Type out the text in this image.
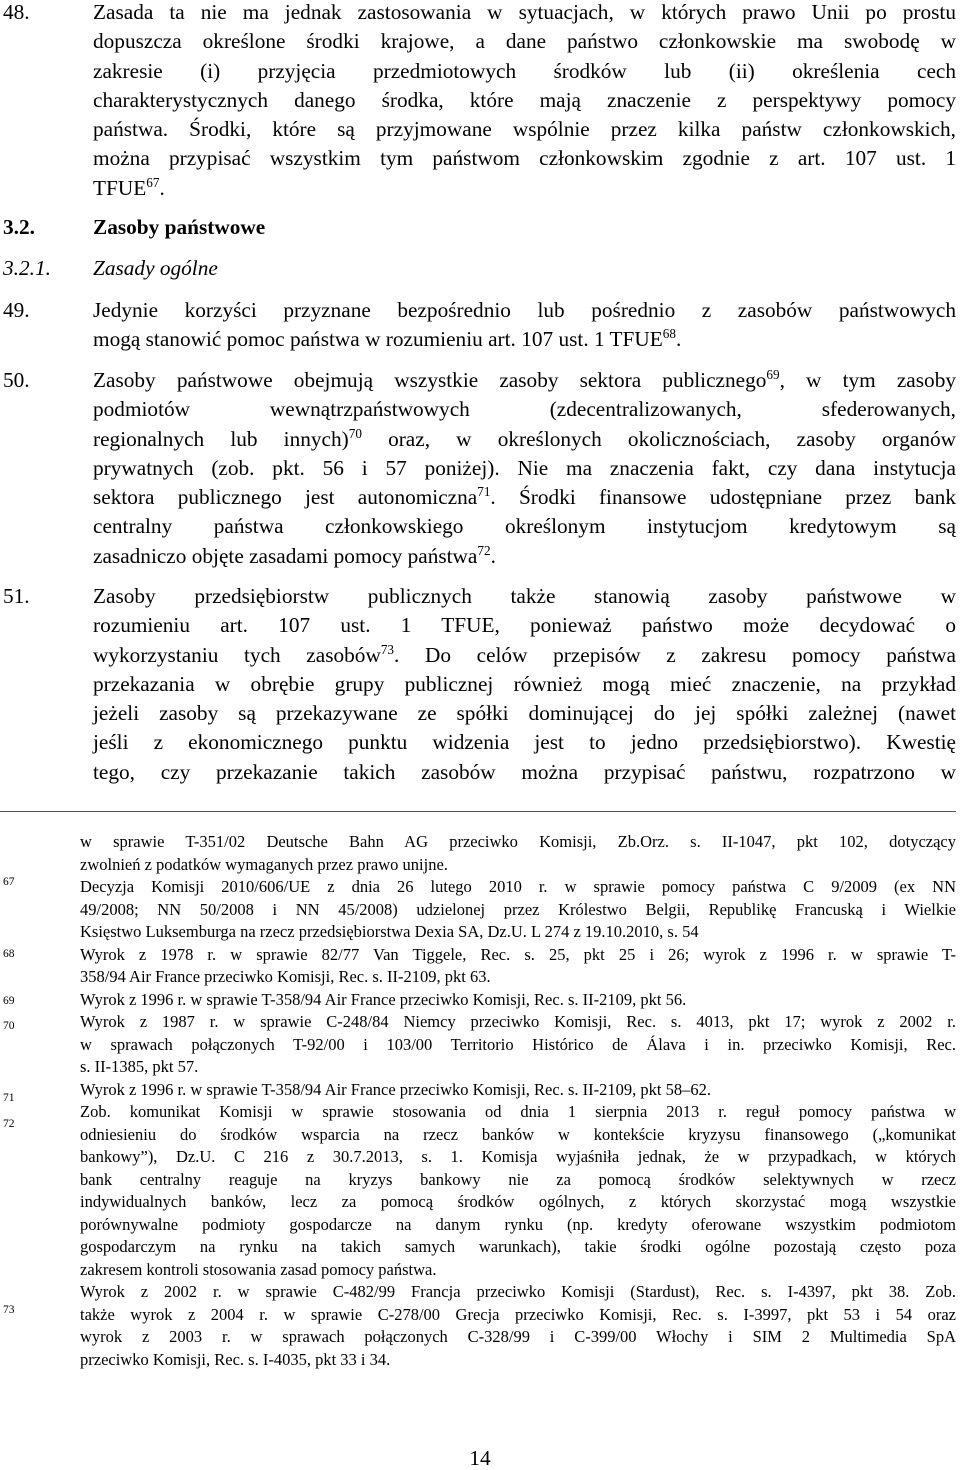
48.	Zasada ta nie ma jednak zastosowania w sytuacjach, w których prawo Unii po prostu
dopuszcza określone środki krajowe, a dane państwo członkowskie ma swobodę w
zakresie (i) przyjęcia przedmiotowych środków lub (ii) określenia cech
charakterystycznych danego środka, które mają znaczenie z perspektywy pomocy
państwa. Środki, które są przyjmowane wspólnie przez kilka państw członkowskich,
można przypisać wszystkim tym państwom członkowskim zgodnie z art. 107 ust. 1
TFUE$^{67}$.
3.2.	Zasoby państwowe
3.2.1. Zasady ogólne
49.	Jedynie korzyści przyznane bezpośrednio lub pośrednio z zasobów państwowych
mogą stanowić pomoc państwa w rozumieniu art. 107 ust. 1 TFUE$^{68}$.
50.	Zasoby państwowe obejmują wszystkie zasoby sektora publicznego$^{69}$, w tym zasoby
podmiotów wewnątrzpaństwowych (zdecentralizowanych, sfederowanych,
regionalnych lub innych)$^{70}$ oraz, w określonych okolicznościach, zasoby organów
prywatnych (zob. pkt. 56 i 57 poniżej). Nie ma znaczenia fakt, czy dana instytucja
sektora publicznego jest autonomiczna$^{71}$. Środki finansowe udostępniane przez bank
centralny państwa członkowskiego określonym instytucjom kredytowym są
zasadniczo objęte zasadami pomocy państwa$^{72}$.
51.	Zasoby przedsiębiorstw publicznych także stanowią zasoby państwowe w
rozumieniu art. 107 ust. 1 TFUE, ponieważ państwo może decydować o
wykorzystaniu tych zasobów$^{73}$. Do celów przepisów z zakresu pomocy państwa
przekazania w obrębie grupy publicznej również mogą mieć znaczenie, na przykład
jeżeli zasoby są przekazywane ze spółki dominującej do jej spółki zależnej (nawet
jeśli z ekonomicznego punktu widzenia jest to jedno przedsiębiorstwo). Kwestię
tego, czy przekazanie takich zasobów można przypisać państwu, rozpatrzono w
67
68
69
70
71
72
73
w sprawie T-351/02 Deutsche Bahn AG przeciwko Komisji, Zb.Orz. s. II-1047, pkt 102, dotyczący
zwolnień z podatków wymaganych przez prawo unijne.
Decyzja Komisji 2010/606/UE z dnia 26 lutego 2010 r. w sprawie pomocy państwa C 9/2009 (ex NN
49/2008; NN 50/2008 i NN 45/2008) udzielonej przez Królestwo Belgii, Republikę Francuską i Wielkie
Księstwo Luksemburga na rzecz przedsiębiorstwa Dexia SA, Dz.U. L 274 z 19.10.2010, s. 54
Wyrok z 1978 r. w sprawie 82/77 Van Tiggele, Rec. s. 25, pkt 25 i 26; wyrok z 1996 r. w sprawie T-
358/94 Air France przeciwko Komisji, Rec. s. II-2109, pkt 63.
Wyrok z 1996 r. w sprawie T-358/94 Air France przeciwko Komisji, Rec. s. II-2109, pkt 56.
Wyrok z 1987 r. w sprawie C-248/84 Niemcy przeciwko Komisji, Rec. s. 4013, pkt 17; wyrok z 2002 r.
w sprawach połączonych T-92/00 i 103/00 Territorio Histórico de Álava i in. przeciwko Komisji, Rec.
s. II-1385, pkt 57.
Wyrok z 1996 r. w sprawie T-358/94 Air France przeciwko Komisji, Rec. s. II-2109, pkt 58–62.
Zob. komunikat Komisji w sprawie stosowania od dnia 1 sierpnia 2013 r. reguł pomocy państwa w
odniesieniu do środków wsparcia na rzecz banków w kontekście kryzysu finansowego („komunikat
bankowy”), Dz.U. C 216 z 30.7.2013, s. 1. Komisja wyjaśniła jednak, że w przypadkach, w których
bank centralny reaguje na kryzys bankowy nie za pomocą środków selektywnych w rzecz
indywidualnych banków, lecz za pomocą środków ogólnych, z których skorzystać mogą wszystkie
porównywalne podmioty gospodarcze na danym rynku (np. kredyty oferowane wszystkim podmiotom
gospodarczym na rynku na takich samych warunkach), takie środki ogólne pozostają często poza
zakresem kontroli stosowania zasad pomocy państwa.
Wyrok z 2002 r. w sprawie C-482/99 Francja przeciwko Komisji (Stardust), Rec. s. I-4397, pkt 38. Zob.
także wyrok z 2004 r. w sprawie C-278/00 Grecja przeciwko Komisji, Rec. s. I-3997, pkt 53 i 54 oraz
wyrok z 2003 r. w sprawach połączonych C-328/99 i C-399/00 Włochy i SIM 2 Multimedia SpA
przeciwko Komisji, Rec. s. I-4035, pkt 33 i 34.
14
